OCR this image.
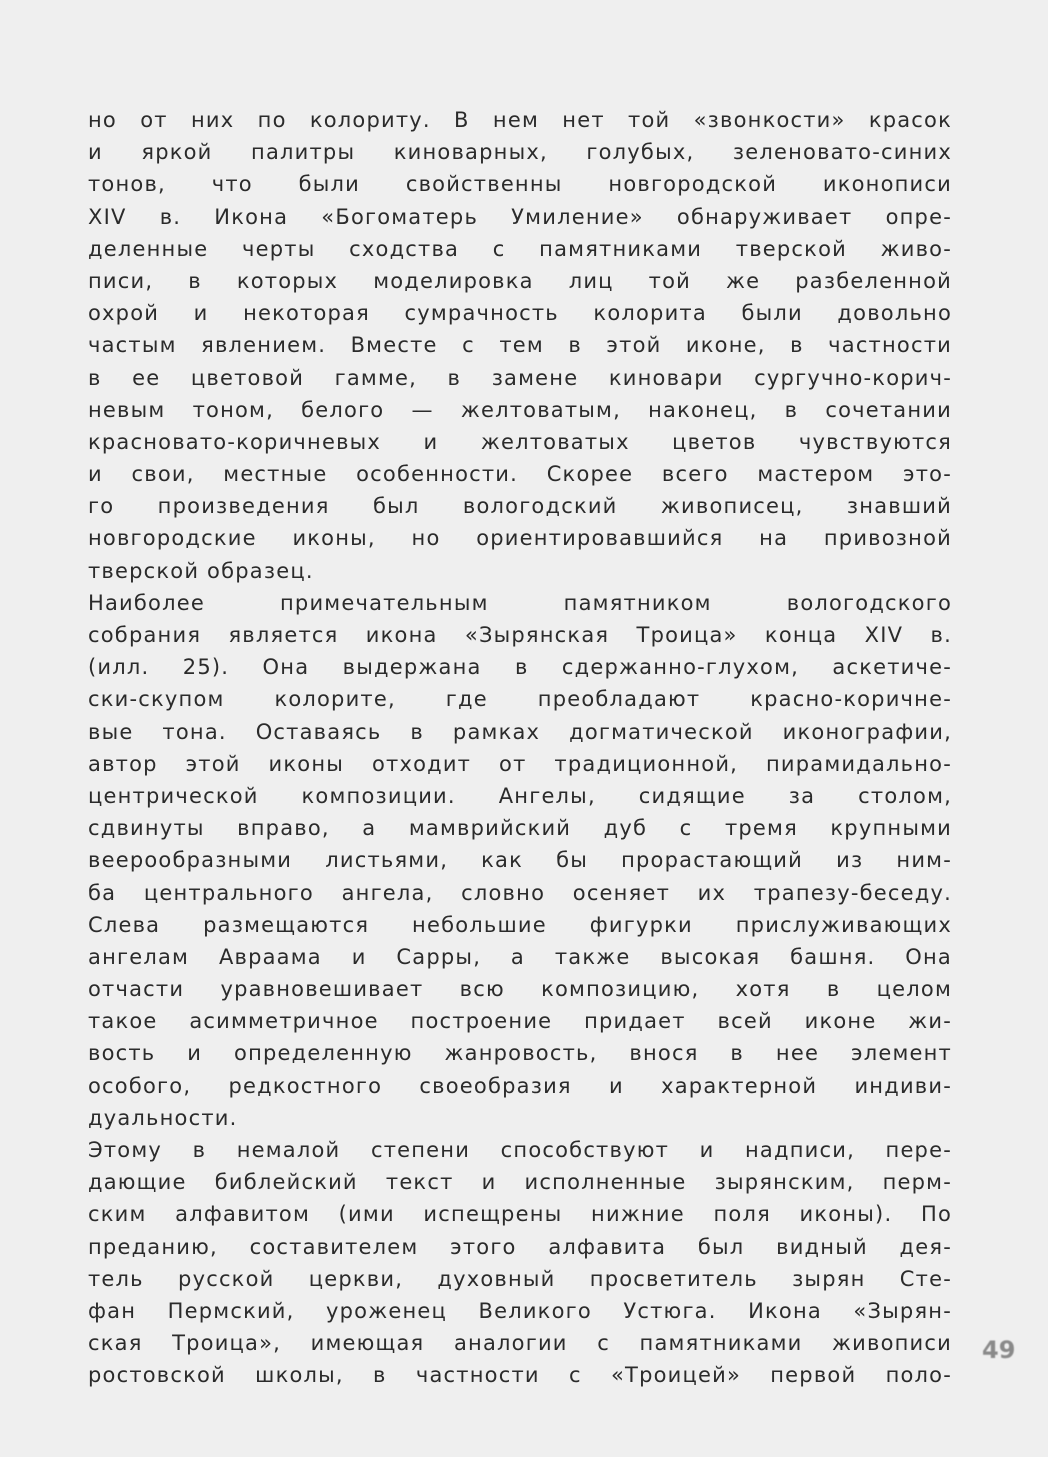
но от них по колориту. В нем нет той «звонкости» красок
и яркой палитры киноварных, голубых, зеленовато-синих
тонов, что были свойственны новгородской иконописи
XIV в. Икона «Богоматерь Умиление» обнаруживает опре-
деленные черты сходства с памятниками тверской живо-
писи, в которых моделировка лиц той же разбеленной
охрой и некоторая сумрачность колорита были довольно
частым явлением. Вместе с тем в этой иконе, в частности
в ее цветовой гамме, в замене киновари сургучно-корич-
невым тоном, белого — желтоватым, наконец, в сочетании
красновато-коричневых и желтоватых цветов чувствуются
и свои, местные особенности. Скорее всего мастером это-
го произведения был вологодский живописец, знавший
новгородские иконы, но ориентировавшийся на привозной
тверской образец.
Наиболее примечательным памятником вологодского
собрания является икона «Зырянская Троица» конца XIV в.
(илл. 25). Она выдержана в сдержанно-глухом, аскетиче-
ски-скупом колорите, где преобладают красно-коричне-
вые тона. Оставаясь в рамках догматической иконографии,
автор этой иконы отходит от традиционной, пирамидально-
центрической композиции. Ангелы, сидящие за столом,
сдвинуты вправо, а мамврийский дуб с тремя крупными
веерообразными листьями, как бы прорастающий из ним-
ба центрального ангела, словно осеняет их трапезу-беседу.
Слева размещаются небольшие фигурки прислуживающих
ангелам Авраама и Сарры, а также высокая башня. Она
отчасти уравновешивает всю композицию, хотя в целом
такое асимметричное построение придает всей иконе жи-
вость и определенную жанровость, внося в нее элемент
особого, редкостного своеобразия и характерной индиви-
дуальности.
Этому в немалой степени способствуют и надписи, пере-
дающие библейский текст и исполненные зырянским, перм-
ским алфавитом (ими испещрены нижние поля иконы). По
преданию, составителем этого алфавита был видный дея-
тель русской церкви, духовный просветитель зырян Сте-
фан Пермский, уроженец Великого Устюга. Икона «Зырян-
ская Троица», имеющая аналогии с памятниками живописи
ростовской школы, в частности с «Троицей» первой поло-
49
